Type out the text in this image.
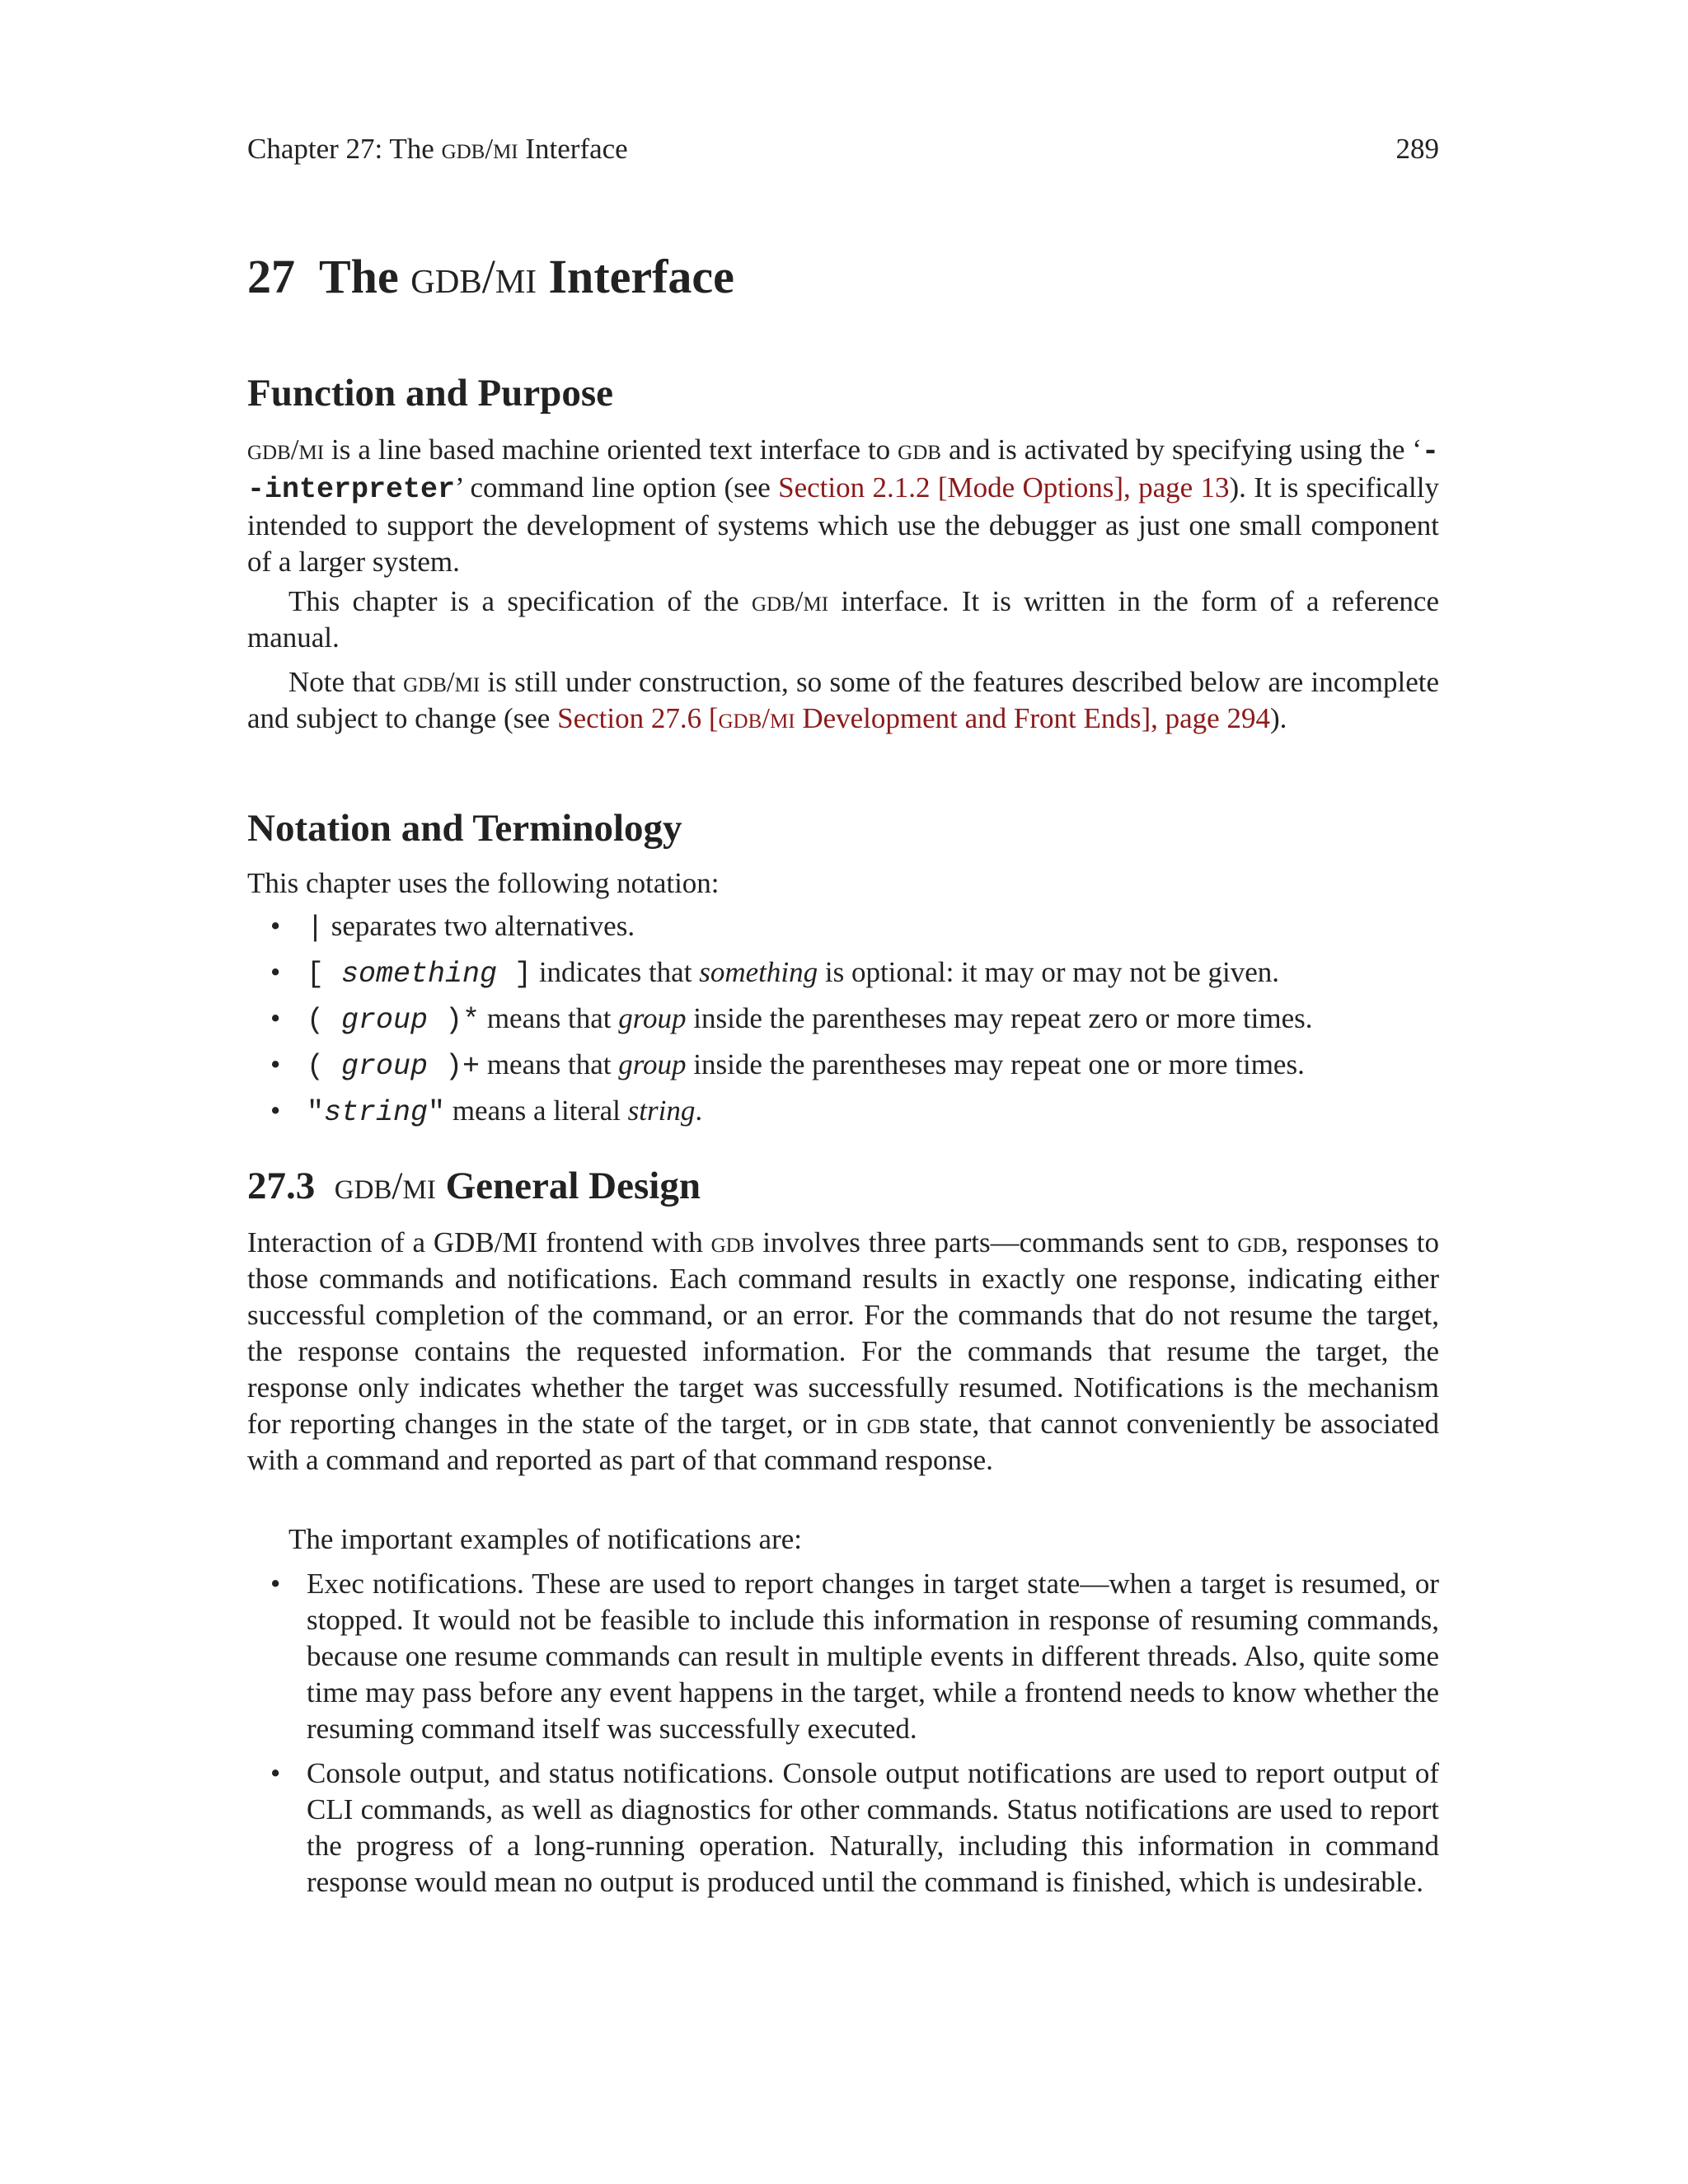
Chapter 27: The gdb/mi Interface	289
27 The gdb/mi Interface
Function and Purpose

gdb/mi is a line based machine oriented text interface to gdb and is activated by specifying using the ‘--interpreter’ command line option (see Section 2.1.2 [Mode Options], page 13). It is specifically intended to support the development of systems which use the debugger as just one small component of a larger system.

This chapter is a specification of the gdb/mi interface. It is written in the form of a reference manual.

Note that gdb/mi is still under construction, so some of the features described below are incomplete and subject to change (see Section 27.6 [gdb/mi Development and Front Ends], page 294).

Notation and Terminology

This chapter uses the following notation:

• | separates two alternatives.
• [ something ] indicates that something is optional: it may or may not be given.
• ( group )* means that group inside the parentheses may repeat zero or more times.
• ( group )+ means that group inside the parentheses may repeat one or more times.
• "string" means a literal string.
27.3 gdb/mi General Design

Interaction of a GDB/MI frontend with gdb involves three parts—commands sent to gdb, responses to those commands and notifications. Each command results in exactly one response, indicating either successful completion of the command, or an error. For the commands that do not resume the target, the response contains the requested information. For the commands that resume the target, the response only indicates whether the target was successfully resumed. Notifications is the mechanism for reporting changes in the state of the target, or in gdb state, that cannot conveniently be associated with a command and reported as part of that command response.

The important examples of notifications are:

• Exec notifications. These are used to report changes in target state—when a target is resumed, or stopped. It would not be feasible to include this information in response of resuming commands, because one resume commands can result in multiple events in different threads. Also, quite some time may pass before any event happens in the target, while a frontend needs to know whether the resuming command itself was successfully executed.
• Console output, and status notifications. Console output notifications are used to report output of CLI commands, as well as diagnostics for other commands. Status notifications are used to report the progress of a long-running operation. Naturally, including this information in command response would mean no output is produced until the command is finished, which is undesirable.
